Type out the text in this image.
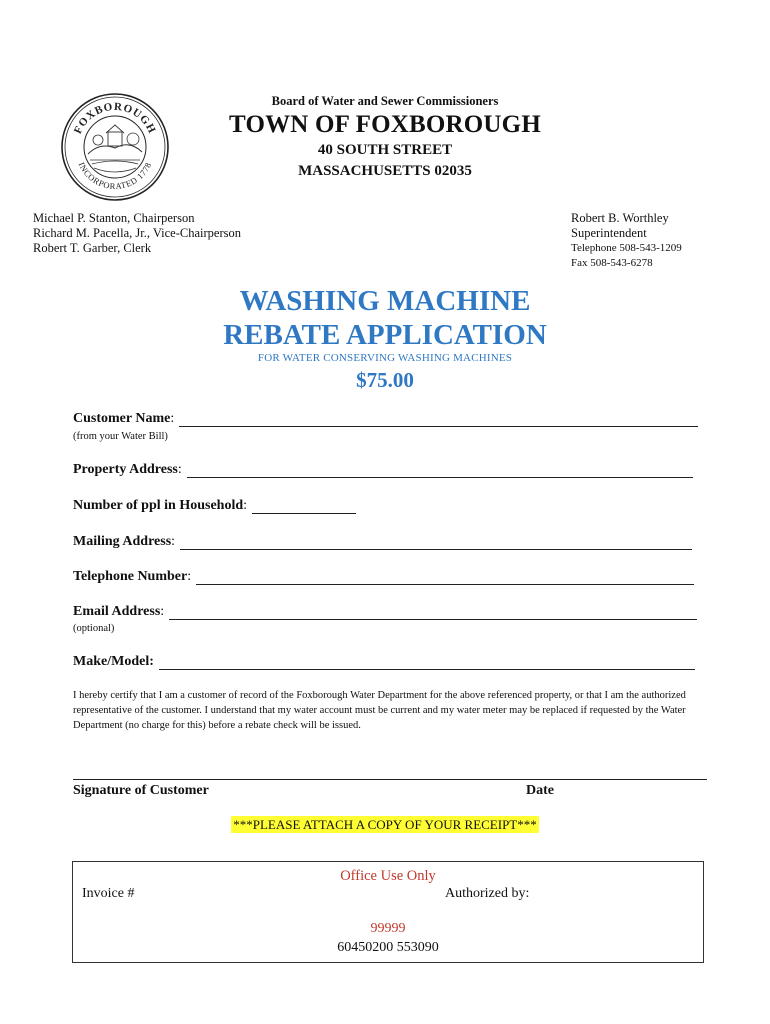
FOXBOROUGH
INCORPORATED 1778
Board of Water and Sewer Commissioners
TOWN OF FOXBOROUGH
40 SOUTH STREET
MASSACHUSETTS 02035
Michael P. Stanton, Chairperson
Richard M. Pacella, Jr., Vice-Chairperson
Robert T. Garber, Clerk
Robert B. Worthley
Superintendent
Telephone 508-543-1209
Fax 508-543-6278
WASHING MACHINE
REBATE APPLICATION
FOR WATER CONSERVING WASHING MACHINES
$75.00
Customer Name :
(from your Water Bill)
Property Address :
Number of ppl in Household :
Mailing Address :
Telephone Number :
Email Address :
(optional)
Make/Model:
I hereby certify that I am a customer of record of the Foxborough Water Department for the above referenced property, or that I am the authorized representative of the customer. I understand that my water account must be current and my water meter may be replaced if requested by the Water Department (no charge for this) before a rebate check will be issued.
Signature of Customer	Date
***PLEASE ATTACH A COPY OF YOUR RECEIPT***
Office Use Only
Invoice #	Authorized by:
99999
60450200 553090
